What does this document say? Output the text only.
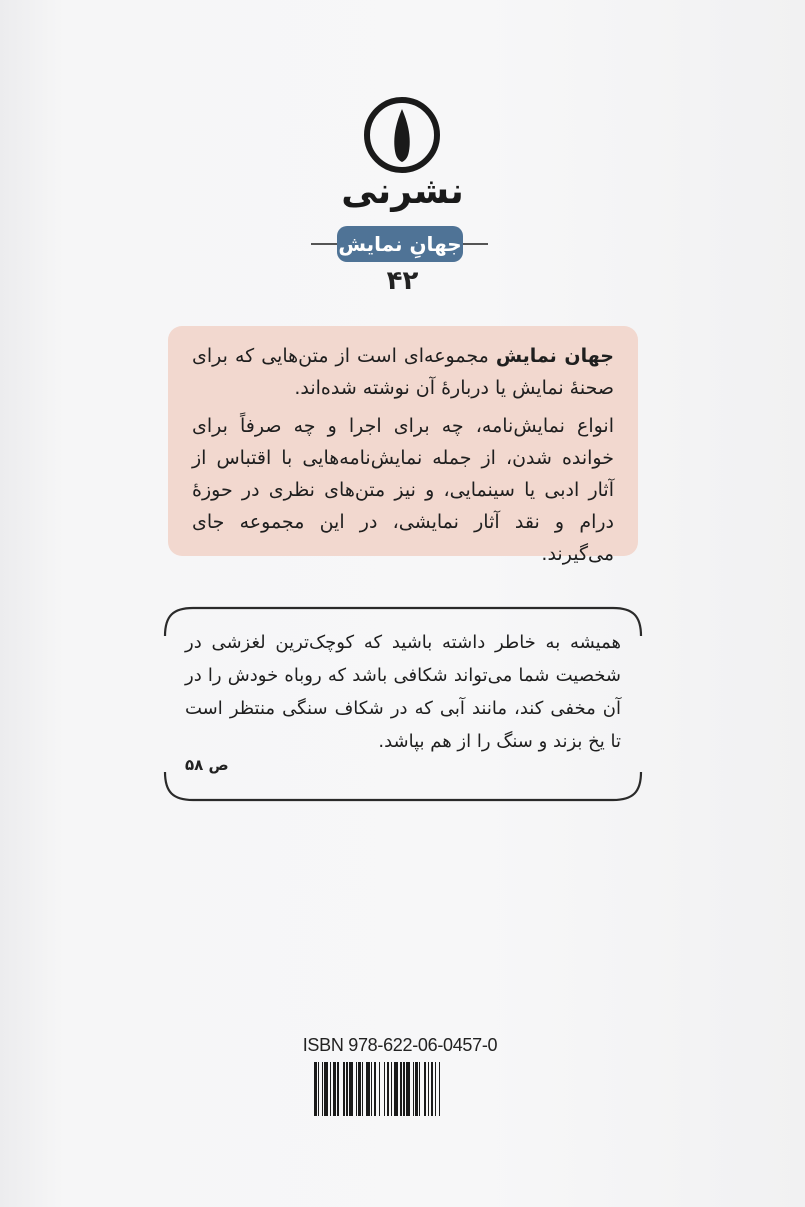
نشرنی
جهانِ نمایش
۴۲

جهان نمایش مجموعه‌ای است از متن‌هایی که برای صحنهٔ نمایش یا دربارهٔ آن نوشته شده‌اند.

انواع نمایش‌نامه، چه برای اجرا و چه صرفاً برای خوانده شدن، از جمله نمایش‌نامه‌هایی با اقتباس از آثار ادبی یا سینمایی، و نیز متن‌های نظری در حوزهٔ درام و نقد آثار نمایشی، در این مجموعه جای می‌گیرند.

همیشه به خاطر داشته باشید که کوچک‌ترین لغزشی در شخصیت شما می‌تواند شکافی باشد که روباه خودش را در آن مخفی کند، مانند آبی که در شکاف سنگی منتظر است تا یخ بزند و سنگ را از هم بپاشد.
ص ۵۸
ISBN 978-622-06-0457-0
